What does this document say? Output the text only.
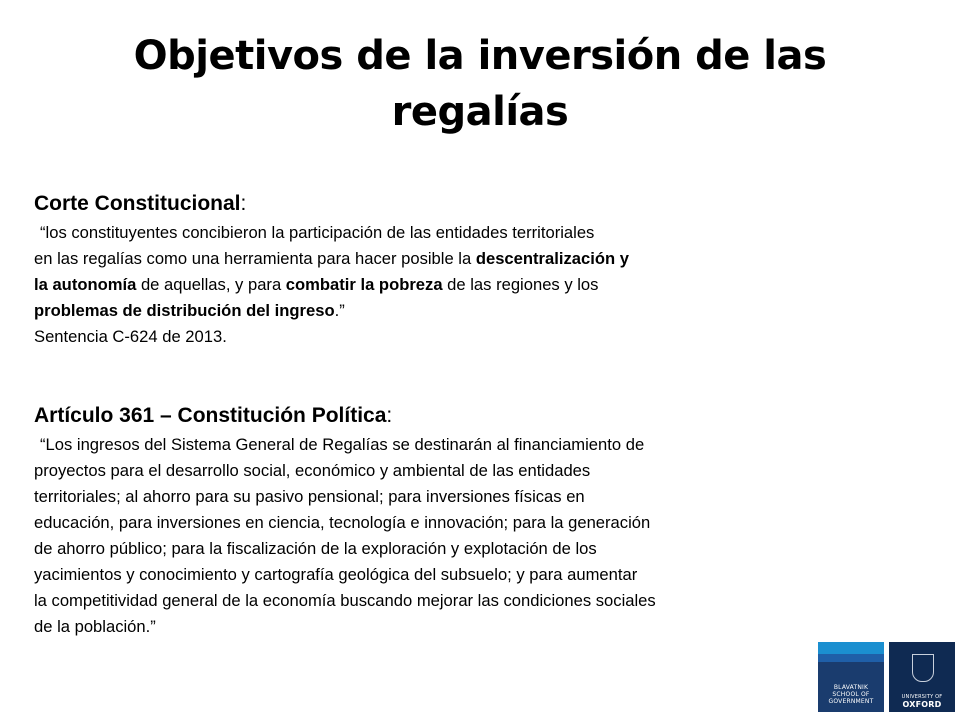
Objetivos de la inversión de las
regalías
Corte Constitucional:
“los constituyentes concibieron la participación de las entidades territoriales
en las regalías como una herramienta para hacer posible la descentralización y
la autonomía de aquellas, y para combatir la pobreza de las regiones y los
problemas de distribución del ingreso.”
Sentencia C-624 de 2013.
Artículo 361 – Constitución Política:
“Los ingresos del Sistema General de Regalías se destinarán al financiamiento de
proyectos para el desarrollo social, económico y ambiental de las entidades
territoriales; al ahorro para su pasivo pensional; para inversiones físicas en
educación, para inversiones en ciencia, tecnología e innovación; para la generación
de ahorro público; para la fiscalización de la exploración y explotación de los
yacimientos y conocimiento y cartografía geológica del subsuelo; y para aumentar
la competitividad general de la economía buscando mejorar las condiciones sociales
de la población.”
BLAVATNIK
SCHOOL OF
GOVERNMENT
UNIVERSITY OF
OXFORD
